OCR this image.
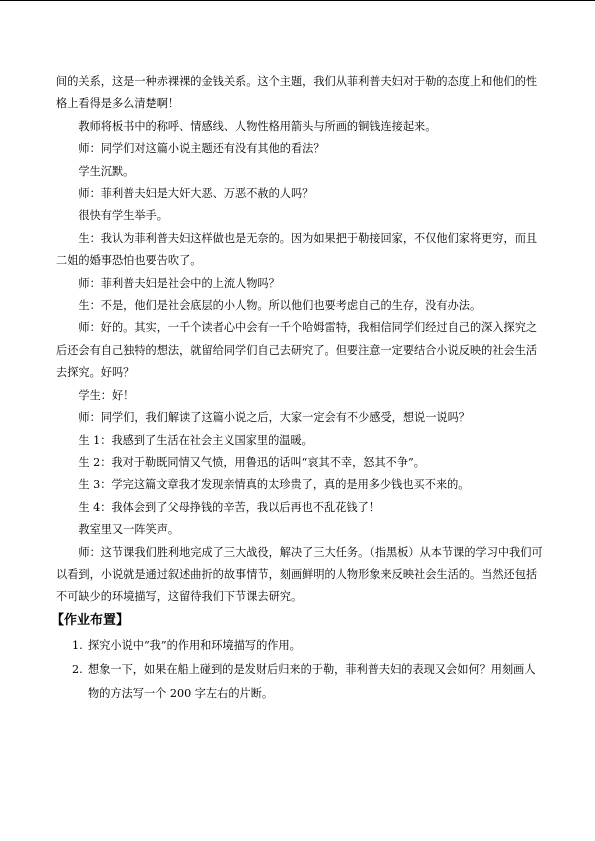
间的关系，这是一种赤裸裸的金钱关系。这个主题，我们从菲利普夫妇对于勒的态度上和他们的性格上看得是多么清楚啊！

教师将板书中的称呼、情感线、人物性格用箭头与所画的铜钱连接起来。

师：同学们对这篇小说主题还有没有其他的看法？

学生沉默。

师：菲利普夫妇是大奸大恶、万恶不赦的人吗？

很快有学生举手。

生：我认为菲利普夫妇这样做也是无奈的。因为如果把于勒接回家，不仅他们家将更穷，而且二姐的婚事恐怕也要告吹了。

师：菲利普夫妇是社会中的上流人物吗？

生：不是，他们是社会底层的小人物。所以他们也要考虑自己的生存，没有办法。

师：好的。其实，一千个读者心中会有一千个哈姆雷特，我相信同学们经过自己的深入探究之后还会有自己独特的想法，就留给同学们自己去研究了。但要注意一定要结合小说反映的社会生活去探究。好吗？

学生：好！

师：同学们，我们解读了这篇小说之后，大家一定会有不少感受，想说一说吗？

生 1：我感到了生活在社会主义国家里的温暖。

生 2：我对于勒既同情又气愤，用鲁迅的话叫“哀其不幸，怒其不争”。

生 3：学完这篇文章我才发现亲情真的太珍贵了，真的是用多少钱也买不来的。

生 4：我体会到了父母挣钱的辛苦，我以后再也不乱花钱了！

教室里又一阵笑声。

师：这节课我们胜利地完成了三大战役，解决了三大任务。（指黑板）从本节课的学习中我们可以看到，小说就是通过叙述曲折的故事情节，刻画鲜明的人物形象来反映社会生活的。当然还包括不可缺少的环境描写，这留待我们下节课去研究。

【作业布置】
1. 探究小说中“我”的作用和环境描写的作用。
2. 想象一下，如果在船上碰到的是发财后归来的于勒，菲利普夫妇的表现又会如何？用刻画人物的方法写一个 200 字左右的片断。
